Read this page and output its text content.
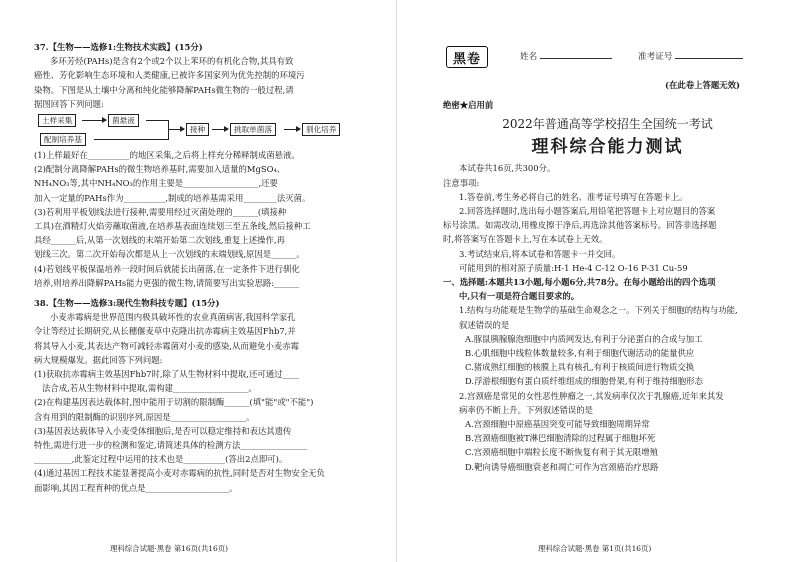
37.【生物——选修1:生物技术实践】(15分)

多环芳烃(PAHs)是含有2个或2个以上苯环的有机化合物,其具有致

癌性、芳化影响生态环境和人类健康,已被许多国家列为优先控制的环境污

染物。下图是从土壤中分离和纯化能够降解PAHs微生物的一般过程,请

据图回答下列问题:

土样采集	菌悬液
配制培养基
接种	挑取单菌落	驯化培养

(1)上样最好在__________的地区采集,之后将上样充分稀释制成菌悬液。

(2)配制分离降解PAHs的微生物培养基时,需要加入适量的MgSO₄、

NH₄NO₃等,其中NH₄NO₃的作用主要是__________________,还要

加入一定量的PAHs作为__________,制成的培养基需采用________法灭菌。

(3)若利用平板划线法进行接种,需要用经过灭菌处理的______(填接种

工具)在酒精灯火焰旁蘸取菌液,在培养基表面连续划三至五条线,然后接种工

具经______后,从第一次划线的末端开始第二次划线,重复上述操作,再

划线三次。第二次开始每次都是从上一次划线的末端划线,原因是______。

(4)若划线平板保温培养一段时间后就能长出菌落,在一定条件下进行驯化

培养,则培养出降解PAHs能力更强的微生物,请简要写出实验思路:______

38.【生物——选修3:现代生物科技专题】(15分)

小麦赤霉病是世界范围内极具破坏性的农业真菌病害,我国科学家孔

令让等经过长期研究,从长穗偃麦草中克隆出抗赤霉病主效基因Fhb7,并

将其导入小麦,其表达产物可减轻赤霉菌对小麦的感染,从而避免小麦赤霉

病大规模爆发。据此回答下列问题:

(1)获取抗赤霉病主效基因Fhb7时,除了从生物材料中提取,还可通过____

法合成,若从生物材料中提取,需构建__________________。

(2)在构建基因表达载体时,图中能用于切割的限制酶______(填"能"或"不能")

含有用到的限制酶的识别序列,原因是__________________。

(3)基因表达载体导入小麦受体细胞后,是否可以稳定维持和表达其遗传

特性,需进行进一步的检测和鉴定,请简述具体的检测方法________________

_________,此鉴定过程中运用的技术也是__________(答出2点即可)。

(4)通过基因工程技术能显著提高小麦对赤霉病的抗性,同时是否对生物安全无负

面影响,其因工程育种的优点是____________________。

理科综合试题·黑卷 第16页(共16页)
黑卷	姓名	准考证号

(在此卷上答题无效)

绝密★启用前

2022年普通高等学校招生全国统一考试

理科综合能力测试

本试卷共16页,共300分。

注意事项:

1.答卷前,考生务必将自己的姓名、准考证号填写在答题卡上。

2.回答选择题时,选出每小题答案后,用铅笔把答题卡上对应题目的答案

标号涂黑。如需改动,用橡皮擦干净后,再选涂其他答案标号。回答非选择题

时,将答案写在答题卡上,写在本试卷上无效。

3.考试结束后,将本试卷和答题卡一并交回。

可能用到的相对原子质量:H-1 He-4 C-12 O-16 P-31 Cu-59

一、选择题:本题共13小题,每小题6分,共78分。在每小题给出的四个选项

中,只有一项是符合题目要求的。

1.结构与功能观是生物学的基础生命观念之一。下列关于细胞的结构与功能,

叙述错误的是

A.豚鼠胰腺腺泡细胞中内质网发达,有利于分泌蛋白的合成与加工

B.心肌细胞中线粒体数量较多,有利于细胞代谢活动的能量供应

C.猪成熟红细胞的核膜上具有核孔,有利于核质间进行物质交换

D.浮游根细胞有蛋白质纤维组成的细胞骨架,有利于维持细胞形态

2.宫颈癌是常见的女性恶性肿瘤之一,其发病率仅次于乳腺癌,近年来其发

病率仍不断上升。下列叙述错误的是

A.宫颈细胞中原癌基因突变可能导致细胞周期异常

B.宫颈癌细胞被T淋巴细胞清除的过程属于细胞坏死

C.宫颈癌细胞中端粒长度不断恢复有利于其无限增殖

D.靶向诱导癌细胞衰老和凋亡可作为宫颈癌治疗思路

理科综合试题·黑卷 第1页(共16页)
